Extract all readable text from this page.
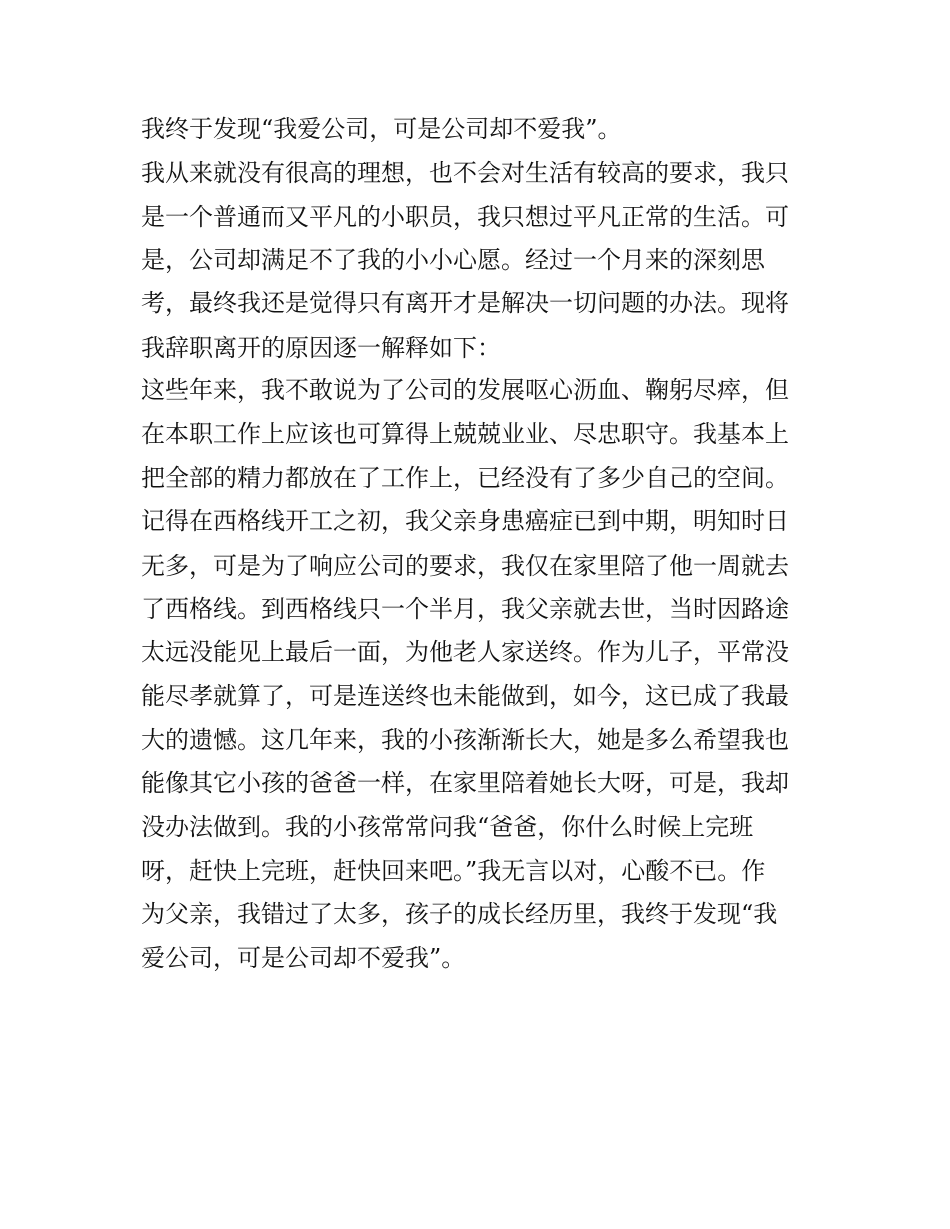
我终于发现“我爱公司，可是公司却不爱我”。
我从来就没有很高的理想，也不会对生活有较高的要求，我只
是一个普通而又平凡的小职员，我只想过平凡正常的生活。可
是，公司却满足不了我的小小心愿。经过一个月来的深刻思
考，最终我还是觉得只有离开才是解决一切问题的办法。现将
我辞职离开的原因逐一解释如下：
这些年来，我不敢说为了公司的发展呕心沥血、鞠躬尽瘁，但
在本职工作上应该也可算得上兢兢业业、尽忠职守。我基本上
把全部的精力都放在了工作上，已经没有了多少自己的空间。
记得在西格线开工之初，我父亲身患癌症已到中期，明知时日
无多，可是为了响应公司的要求，我仅在家里陪了他一周就去
了西格线。到西格线只一个半月，我父亲就去世，当时因路途
太远没能见上最后一面，为他老人家送终。作为儿子，平常没
能尽孝就算了，可是连送终也未能做到，如今，这已成了我最
大的遗憾。这几年来，我的小孩渐渐长大，她是多么希望我也
能像其它小孩的爸爸一样，在家里陪着她长大呀，可是，我却
没办法做到。我的小孩常常问我“爸爸，你什么时候上完班
呀，赶快上完班，赶快回来吧。”我无言以对，心酸不已。作
为父亲，我错过了太多，孩子的成长经历里，我终于发现“我
爱公司，可是公司却不爱我”。
